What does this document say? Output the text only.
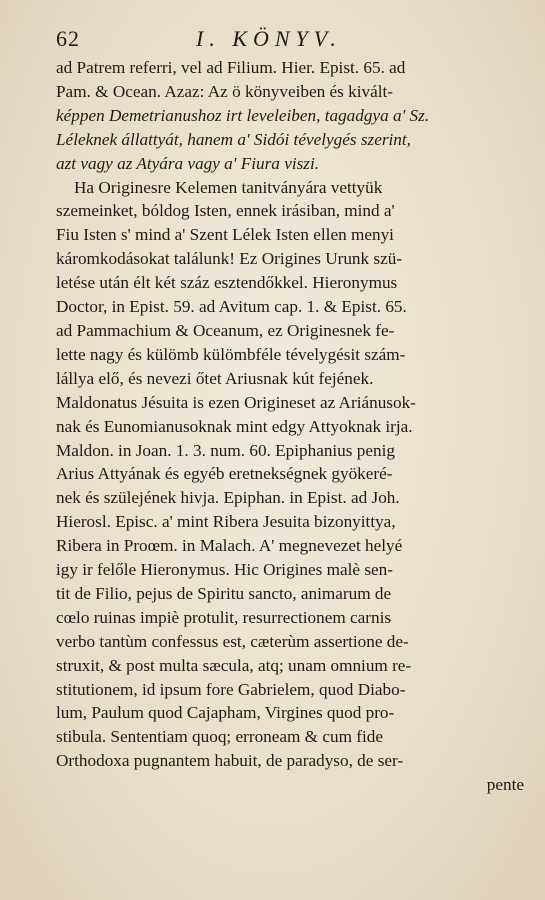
62	I. KÖNYV.
ad Patrem referri, vel ad Filium. Hier. Epist. 65. ad
Pam. & Ocean. Azaz: Az ö könyveiben és kivált-
képpen Demetrianushoz irt leveleiben, tagadgya a' Sz.
Léleknek állattyát, hanem a' Sidói tévelygés szerint,
azt vagy az Atyára vagy a' Fiura viszi.
Ha Originesre Kelemen tanitványára vettyük
szemeinket, bóldog Isten, ennek irásiban, mind a'
Fiu Isten s' mind a' Szent Lélek Isten ellen menyi
káromkodásokat találunk! Ez Origines Urunk szü-
letése után élt két száz esztendőkkel. Hieronymus
Doctor, in Epist. 59. ad Avitum cap. 1. & Epist. 65.
ad Pammachium & Oceanum, ez Originesnek fe-
lette nagy és külömb külömbféle tévelygésit szám-
lállya elő, és nevezi őtet Ariusnak kút fejének.
Maldonatus Jésuita is ezen Origineset az Ariánusok-
nak és Eunomianusoknak mint edgy Attyoknak irja.
Maldon. in Joan. 1. 3. num. 60. Epiphanius penig
Arius Attyának és egyéb eretnekségnek gyökeré-
nek és szülejének hivja. Epiphan. in Epist. ad Joh.
Hierosl. Episc. a' mint Ribera Jesuita bizonyittya,
Ribera in Proœm. in Malach. A' megnevezet helyé
igy ir felőle Hieronymus. Hic Origines malè sen-
tit de Filio, pejus de Spiritu sancto, animarum de
cœlo ruinas impiè protulit, resurrectionem carnis
verbo tantùm confessus est, cæterùm assertione de-
struxit, & post multa sæcula, atq; unam omnium re-
stitutionem, id ipsum fore Gabrielem, quod Diabo-
lum, Paulum quod Cajapham, Virgines quod pro-
stibula. Sententiam quoq; erroneam & cum fide
Orthodoxa pugnantem habuit, de paradyso, de ser-
pente
